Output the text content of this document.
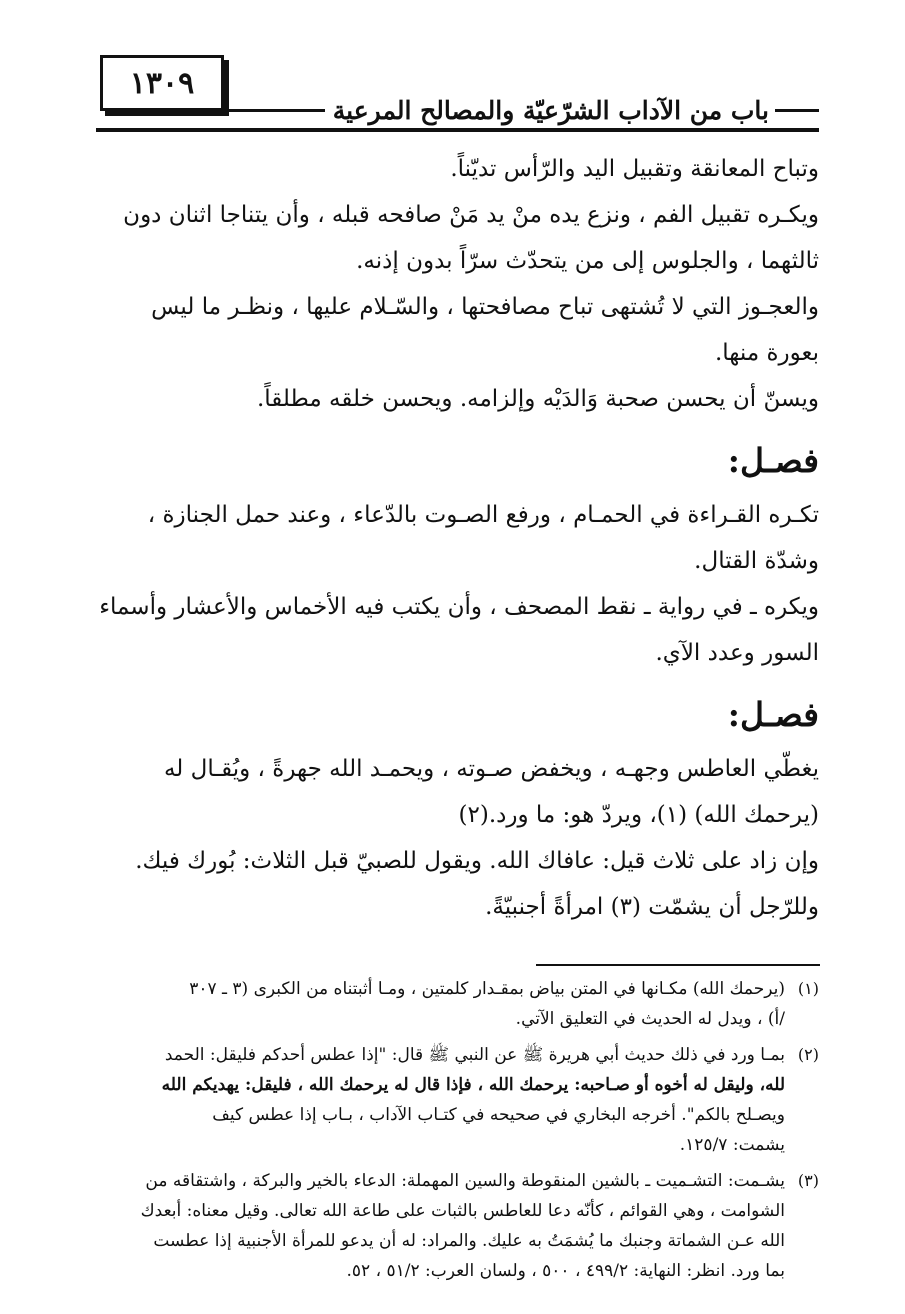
١٣٠٩
باب من الآداب الشرّعيّة والمصالح المرعية

وتباح المعانقة وتقبيل اليد والرّأس تديّناً.

ويكـره تقبيل الفم ، ونزع يده منْ يد مَنْ صافحه قبله ، وأن يتناجا اثنان دون

ثالثهما ، والجلوس إلى من يتحدّث سرّاً بدون إذنه.

والعجـوز التي لا تُشتهى تباح مصافحتها ، والسّـلام عليها ، ونظـر ما ليس

بعورة منها.

ويسنّ أن يحسن صحبة وَالدَيْه وإلزامه. ويحسن خلقه مطلقاً.

فصـل:

تكـره القـراءة في الحمـام ، ورفع الصـوت بالدّعاء ، وعند حمل الجنازة ،

وشدّة القتال.

ويكره ـ في رواية ـ نقط المصحف ، وأن يكتب فيه الأخماس والأعشار وأسماء

السور وعدد الآي.

فصـل:

يغطّي العاطس وجهـه ، ويخفض صـوته ، ويحمـد الله جهرةً ، ويُقـال له

(يرحمك الله) (١)، ويردّ هو: ما ورد.(٢)

وإن زاد على ثلاث قيل: عافاك الله. ويقول للصبيّ قبل الثلاث: بُورك فيك.

وللرّجل أن يشمّت (٣) امرأةً أجنبيّةً.

(١)
(يرحمك الله) مكـانها في المتن بياض بمقـدار كلمتين ، ومـا أثبتناه من الكبرى (٣ ـ ٣٠٧
/أ) ، ويدل له الحديث في التعليق الآتي.
(٢)
بمـا ورد في ذلك حديث أبي هريرة ﷺ عن النبي ﷺ قال: "إذا عطس أحدكم فليقل: الحمد
لله، وليقل له أخوه أو صـاحبه: يرحمك الله ، فإذا قال له يرحمك الله ، فليقل: يهديكم الله
ويصـلح بالكم". أخرجه البخاري في صحيحه في كتـاب الآداب ، بـاب إذا عطس كيف
يشمت: ١٢٥/٧.
(٣)
يشـمت: التشـميت ـ بالشين المنقوطة والسين المهملة: الدعاء بالخير والبركة ، واشتقاقه من
الشوامت ، وهي القوائم ، كأنّه دعا للعاطس بالثبات على طاعة الله تعالى. وقيل معناه: أبعدك
الله عـن الشماتة وجنبك ما يُشمَتُ به عليك. والمراد: له أن يدعو للمرأة الأجنبية إذا عطست
بما ورد. انظر: النهاية: ٤٩٩/٢ ، ٥٠٠ ، ولسان العرب: ٥١/٢ ، ٥٢.
